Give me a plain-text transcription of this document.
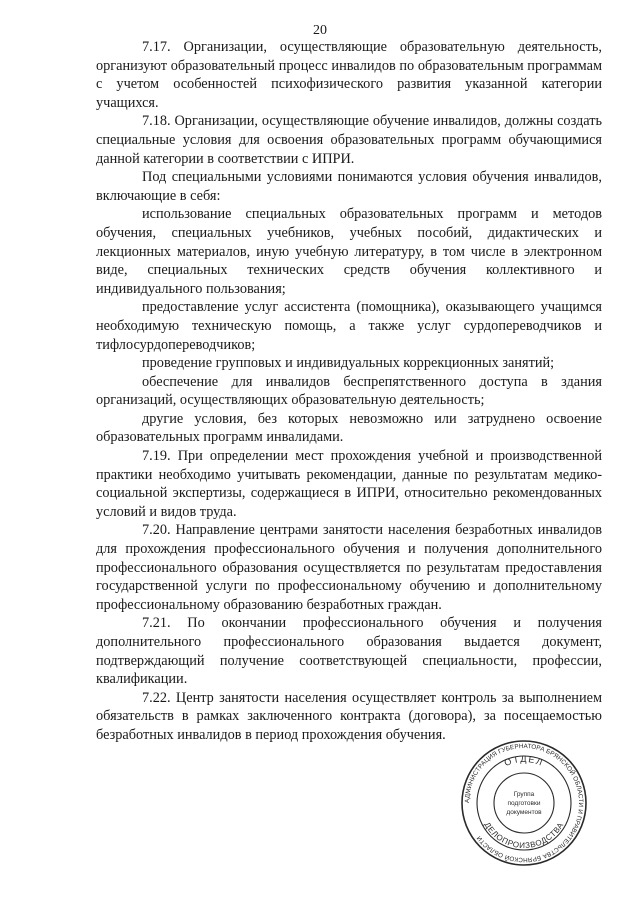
20

7.17. Организации, осуществляющие образовательную деятельность, организуют образовательный процесс инвалидов по образовательным программам с учетом особенностей психофизического развития указанной категории учащихся.

7.18. Организации, осуществляющие обучение инвалидов, должны создать специальные условия для освоения образовательных программ обучающимися данной категории в соответствии с ИПРИ.

Под специальными условиями понимаются условия обучения инвалидов, включающие в себя:

использование специальных образовательных программ и методов обучения, специальных учебников, учебных пособий, дидактических и лекционных материалов, иную учебную литературу, в том числе в электронном виде, специальных технических средств обучения коллективного и индивидуального пользования;

предоставление услуг ассистента (помощника), оказывающего учащимся необходимую техническую помощь, а также услуг сурдопереводчиков и тифлосурдопереводчиков;

проведение групповых и индивидуальных коррекционных занятий;

обеспечение для инвалидов беспрепятственного доступа в здания организаций, осуществляющих образовательную деятельность;

другие условия, без которых невозможно или затруднено освоение образовательных программ инвалидами.

7.19. При определении мест прохождения учебной и производственной практики необходимо учитывать рекомендации, данные по результатам медико-социальной экспертизы, содержащиеся в ИПРИ, относительно рекомендованных условий и видов труда.

7.20. Направление центрами занятости населения безработных инвалидов для прохождения профессионального обучения и получения дополнительного профессионального образования осуществляется по результатам предоставления государственной услуги по профессиональному обучению и дополнительному профессиональному образованию безработных граждан.

7.21. По окончании профессионального обучения и получения дополнительного профессионального образования выдается документ, подтверждающий получение соответствующей специальности, профессии, квалификации.

7.22. Центр занятости населения осуществляет контроль за выполнением обязательств в рамках заключенного контракта (договора), за посещаемостью безработных инвалидов в период прохождения обучения.

АДМИНИСТРАЦИЯ ГУБЕРНАТОРА БРЯНСКОЙ ОБЛАСТИ И ПРАВИТЕЛЬСТВА БРЯНСКОЙ ОБЛАСТИ
ОТДЕЛ
ДЕЛОПРОИЗВОДСТВА
Группа
подготовки
документов
